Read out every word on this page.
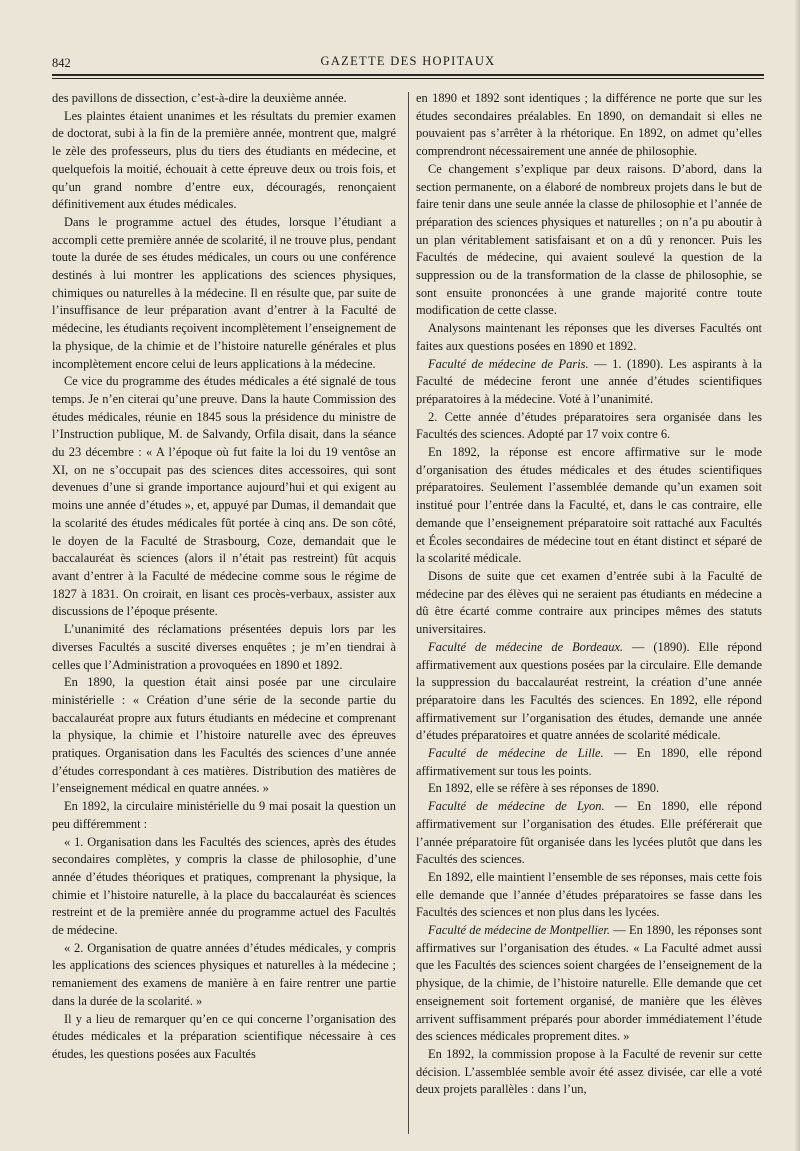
842	GAZETTE DES HOPITAUX

des pavillons de dissection, c’est-à-dire la deuxième année.

Les plaintes étaient unanimes et les résultats du premier examen de doctorat, subi à la fin de la première année, montrent que, malgré le zèle des professeurs, plus du tiers des étudiants en médecine, et quelquefois la moitié, échouait à cette épreuve deux ou trois fois, et qu’un grand nombre d’entre eux, découragés, renonçaient définitivement aux études médicales.

Dans le programme actuel des études, lorsque l’étudiant a accompli cette première année de scolarité, il ne trouve plus, pendant toute la durée de ses études médicales, un cours ou une conférence destinés à lui montrer les applications des sciences physiques, chimiques ou naturelles à la médecine. Il en résulte que, par suite de l’insuffisance de leur préparation avant d’entrer à la Faculté de médecine, les étudiants reçoivent incomplètement l’enseignement de la physique, de la chimie et de l’histoire naturelle générales et plus incomplètement encore celui de leurs applications à la médecine.

Ce vice du programme des études médicales a été signalé de tous temps. Je n’en citerai qu’une preuve. Dans la haute Commission des études médicales, réunie en 1845 sous la présidence du ministre de l’Instruction publique, M. de Salvandy, Orfila disait, dans la séance du 23 décembre : « A l’époque où fut faite la loi du 19 ventôse an XI, on ne s’occupait pas des sciences dites accessoires, qui sont devenues d’une si grande importance aujourd’hui et qui exigent au moins une année d’études », et, appuyé par Dumas, il demandait que la scolarité des études médicales fût portée à cinq ans. De son côté, le doyen de la Faculté de Strasbourg, Coze, demandait que le baccalauréat ès sciences (alors il n’était pas restreint) fût acquis avant d’entrer à la Faculté de médecine comme sous le régime de 1827 à 1831. On croirait, en lisant ces procès-verbaux, assister aux discussions de l’époque présente.

L’unanimité des réclamations présentées depuis lors par les diverses Facultés a suscité diverses enquêtes ; je m’en tiendrai à celles que l’Administration a provoquées en 1890 et 1892.

En 1890, la question était ainsi posée par une circulaire ministérielle : « Création d’une série de la seconde partie du baccalauréat propre aux futurs étudiants en médecine et comprenant la physique, la chimie et l’histoire naturelle avec des épreuves pratiques. Organisation dans les Facultés des sciences d’une année d’études correspondant à ces matières. Distribution des matières de l’enseignement médical en quatre années. »

En 1892, la circulaire ministérielle du 9 mai posait la question un peu différemment :

« 1. Organisation dans les Facultés des sciences, après des études secondaires complètes, y compris la classe de philosophie, d’une année d’études théoriques et pratiques, comprenant la physique, la chimie et l’histoire naturelle, à la place du baccalauréat ès sciences restreint et de la première année du programme actuel des Facultés de médecine.

« 2. Organisation de quatre années d’études médicales, y compris les applications des sciences physiques et naturelles à la médecine ; remaniement des examens de manière à en faire rentrer une partie dans la durée de la scolarité. »

Il y a lieu de remarquer qu’en ce qui concerne l’organisation des études médicales et la préparation scientifique nécessaire à ces études, les questions posées aux Facultés

en 1890 et 1892 sont identiques ; la différence ne porte que sur les études secondaires préalables. En 1890, on demandait si elles ne pouvaient pas s’arrêter à la rhétorique. En 1892, on admet qu’elles comprendront nécessairement une année de philosophie.

Ce changement s’explique par deux raisons. D’abord, dans la section permanente, on a élaboré de nombreux projets dans le but de faire tenir dans une seule année la classe de philosophie et l’année de préparation des sciences physiques et naturelles ; on n’a pu aboutir à un plan véritablement satisfaisant et on a dû y renoncer. Puis les Facultés de médecine, qui avaient soulevé la question de la suppression ou de la transformation de la classe de philosophie, se sont ensuite prononcées à une grande majorité contre toute modification de cette classe.

Analysons maintenant les réponses que les diverses Facultés ont faites aux questions posées en 1890 et 1892.

Faculté de médecine de Paris. — 1. (1890). Les aspirants à la Faculté de médecine feront une année d’études scientifiques préparatoires à la médecine. Voté à l’unanimité.

2. Cette année d’études préparatoires sera organisée dans les Facultés des sciences. Adopté par 17 voix contre 6.

En 1892, la réponse est encore affirmative sur le mode d’organisation des études médicales et des études scientifiques préparatoires. Seulement l’assemblée demande qu’un examen soit institué pour l’entrée dans la Faculté, et, dans le cas contraire, elle demande que l’enseignement préparatoire soit rattaché aux Facultés et Écoles secondaires de médecine tout en étant distinct et séparé de la scolarité médicale.

Disons de suite que cet examen d’entrée subi à la Faculté de médecine par des élèves qui ne seraient pas étudiants en médecine a dû être écarté comme contraire aux principes mêmes des statuts universitaires.

Faculté de médecine de Bordeaux. — (1890). Elle répond affirmativement aux questions posées par la circulaire. Elle demande la suppression du baccalauréat restreint, la création d’une année préparatoire dans les Facultés des sciences. En 1892, elle répond affirmativement sur l’organisation des études, demande une année d’études préparatoires et quatre années de scolarité médicale.

Faculté de médecine de Lille. — En 1890, elle répond affirmativement sur tous les points.

En 1892, elle se réfère à ses réponses de 1890.

Faculté de médecine de Lyon. — En 1890, elle répond affirmativement sur l’organisation des études. Elle préférerait que l’année préparatoire fût organisée dans les lycées plutôt que dans les Facultés des sciences.

En 1892, elle maintient l’ensemble de ses réponses, mais cette fois elle demande que l’année d’études préparatoires se fasse dans les Facultés des sciences et non plus dans les lycées.

Faculté de médecine de Montpellier. — En 1890, les réponses sont affirmatives sur l’organisation des études. « La Faculté admet aussi que les Facultés des sciences soient chargées de l’enseignement de la physique, de la chimie, de l’histoire naturelle. Elle demande que cet enseignement soit fortement organisé, de manière que les élèves arrivent suffisamment préparés pour aborder immédiatement l’étude des sciences médicales proprement dites. »

En 1892, la commission propose à la Faculté de revenir sur cette décision. L’assemblée semble avoir été assez divisée, car elle a voté deux projets parallèles : dans l’un,
